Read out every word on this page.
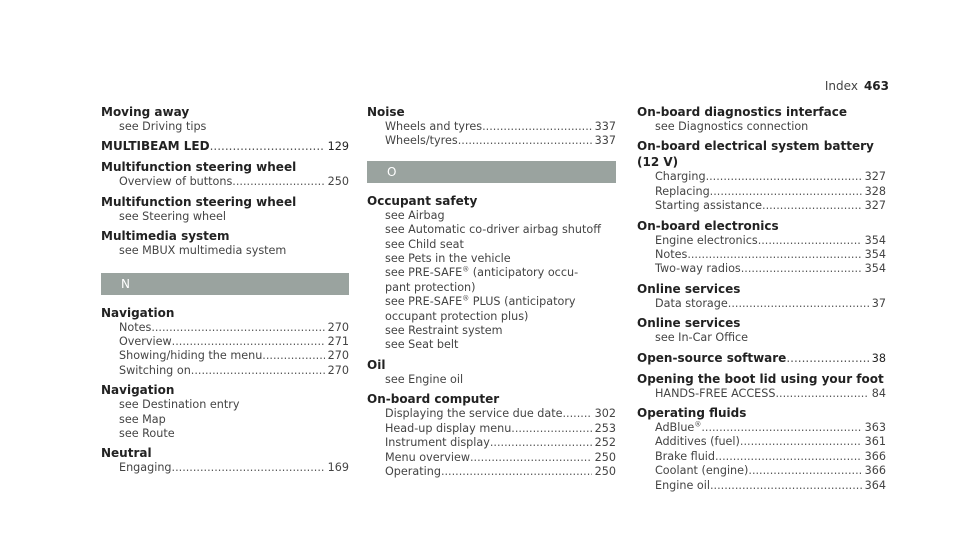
Index 463
Moving away
see Driving tips
MULTIBEAM LED .....	129
Multifunction steering wheel
Overview of buttons .....	250
Multifunction steering wheel
see Steering wheel
Multimedia system
see MBUX multimedia system
N
Navigation
Notes .....	270
Overview .....	271
Showing/hiding the menu .....	270
Switching on .....	270
Navigation
see Destination entry
see Map
see Route
Neutral
Engaging .....	169
Noise
Wheels and tyres .....	337
Wheels/tyres .....	337
O
Occupant safety
see Airbag
see Automatic co-driver airbag shutoff
see Child seat
see Pets in the vehicle
see PRE-SAFE® (anticipatory occu-
pant protection)
see PRE-SAFE® PLUS (anticipatory
occupant protection plus)
see Restraint system
see Seat belt
Oil
see Engine oil
On-board computer
Displaying the service due date .....	302
Head-up display menu .....	253
Instrument display .....	252
Menu overview .....	250
Operating .....	250
On-board diagnostics interface
see Diagnostics connection
On-board electrical system battery (12 V)
Charging .....	327
Replacing .....	328
Starting assistance .....	327
On-board electronics
Engine electronics .....	354
Notes .....	354
Two-way radios .....	354
Online services
Data storage .....	37
Online services
see In-Car Office
Open-source software .....	38
Opening the boot lid using your foot
HANDS-FREE ACCESS .....	84
Operating fluids
AdBlue® .....	363
Additives (fuel) .....	361
Brake fluid .....	366
Coolant (engine) .....	366
Engine oil .....	364
